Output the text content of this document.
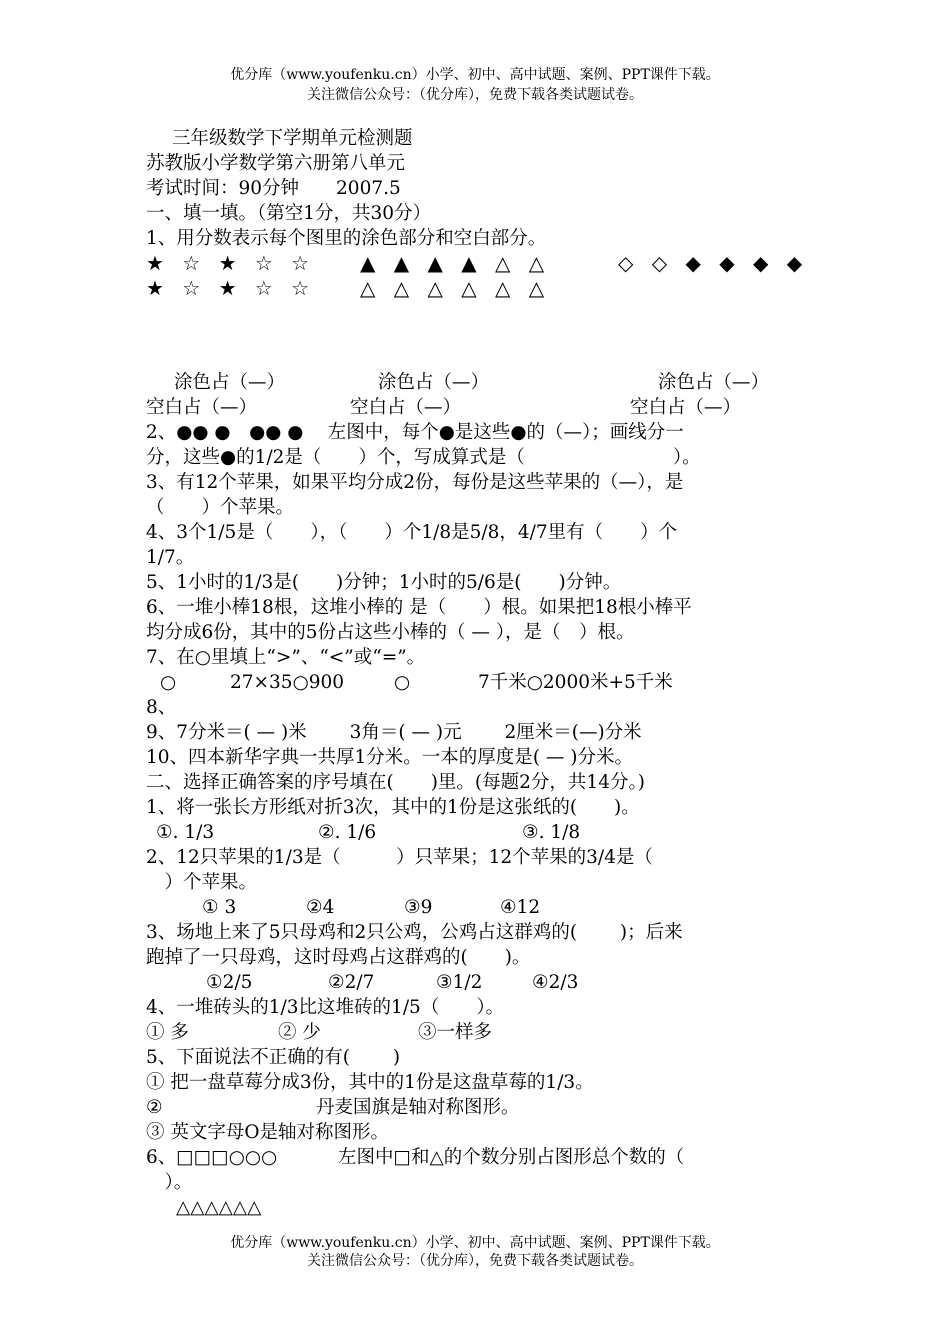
优分库（www.youfenku.cn）小学、初中、高中试题、案例、PPT课件下载。
关注微信公众号：（优分库），免费下载各类试题试卷。
三年级数学下学期单元检测题
苏教版小学数学第六册第八单元
考试时间：90分钟　　2007.5
一、填一填。（第空1分，共30分）
1、用分数表示每个图里的涂色部分和空白部分。
★ ☆ ★ ☆ ☆
★ ☆ ★ ☆ ☆
▲ ▲ ▲ ▲ △ △
△ △ △ △ △ △
◇ ◇ ◆ ◆ ◆ ◆
涂色占（—）	涂色占（—）	涂色占（—）
空白占（—）	空白占（—）	空白占（—）
2、●● ●　●● ●　 左图中，每个●是这些●的（—）；画线分一
分，这些●的1/2是（　　）个，写成算式是（　　　　　　　　）。
3、有12个苹果，如果平均分成2份，每份是这些苹果的（—），是
（　　）个苹果。
4、3个1/5是（　　），（　　）个1/8是5/8，4/7里有（　　）个
1/7。
5、1小时的1/3是(　　)分钟；1小时的5/6是(　　)分钟。
6、一堆小棒18根，这堆小棒的 是（　　）根。如果把18根小棒平
均分成6份，其中的5份占这些小棒的（ — ），是（　）根。
7、在○里填上“>”、“<”或“=”。
○	27×35○900	○	7千米○2000米+5千米
8、
9、7分米＝( — )米　　 3角＝( — )元　　 2厘米＝(—)分米
10、四本新华字典一共厚1分米。一本的厚度是( — )分米。
二、选择正确答案的序号填在(　　)里。(每题2分，共14分。)
1、将一张长方形纸对折3次，其中的1份是这张纸的(　　)。
①. 1/3	②. 1/6	③. 1/8
2、12只苹果的1/3是（　　　）只苹果；12个苹果的3/4是（
　）个苹果。
① 3	②4	③9	④12
3、场地上来了5只母鸡和2只公鸡，公鸡占这群鸡的(　　 )；后来
跑掉了一只母鸡，这时母鸡占这群鸡的(　　)。
①2/5	②2/7	③1/2	④2/3
4、一堆砖头的1/3比这堆砖的1/5（　　）。
① 多	② 少	③一样多
5、下面说法不正确的有(　　 )
① 把一盘草莓分成3份，其中的1份是这盘草莓的1/3。
②	丹麦国旗是轴对称图形。
③ 英文字母O是轴对称图形。
6、□□□○○○	左图中□和△的个数分别占图形总个数的（
　）。
△△△△△△
优分库（www.youfenku.cn）小学、初中、高中试题、案例、PPT课件下载。
关注微信公众号：（优分库），免费下载各类试题试卷。
